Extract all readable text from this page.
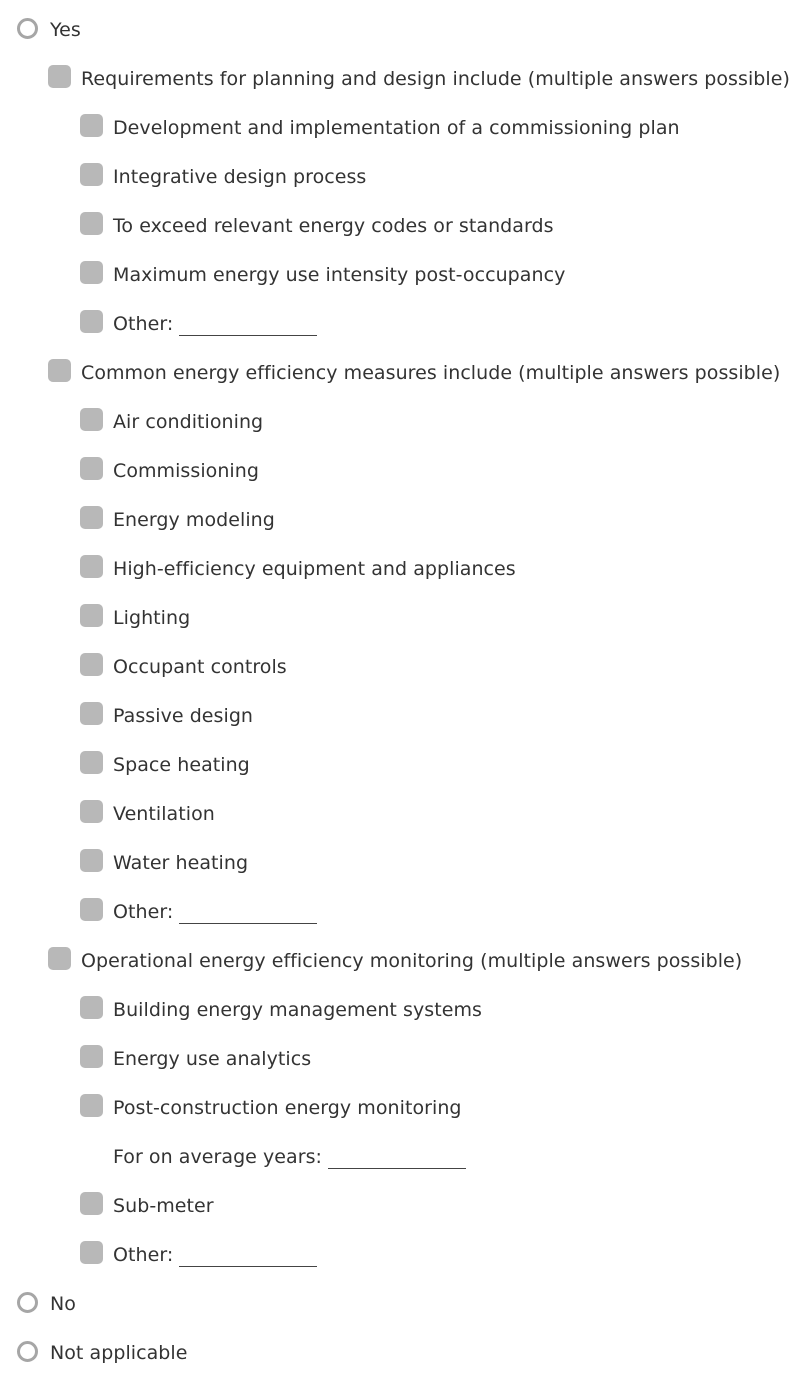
Yes
Requirements for planning and design include (multiple answers possible)
Development and implementation of a commissioning plan
Integrative design process
To exceed relevant energy codes or standards
Maximum energy use intensity post-occupancy
Other:
Common energy efficiency measures include (multiple answers possible)
Air conditioning
Commissioning
Energy modeling
High-efficiency equipment and appliances
Lighting
Occupant controls
Passive design
Space heating
Ventilation
Water heating
Other:
Operational energy efficiency monitoring (multiple answers possible)
Building energy management systems
Energy use analytics
Post-construction energy monitoring
For on average years:
Sub-meter
Other:
No
Not applicable
